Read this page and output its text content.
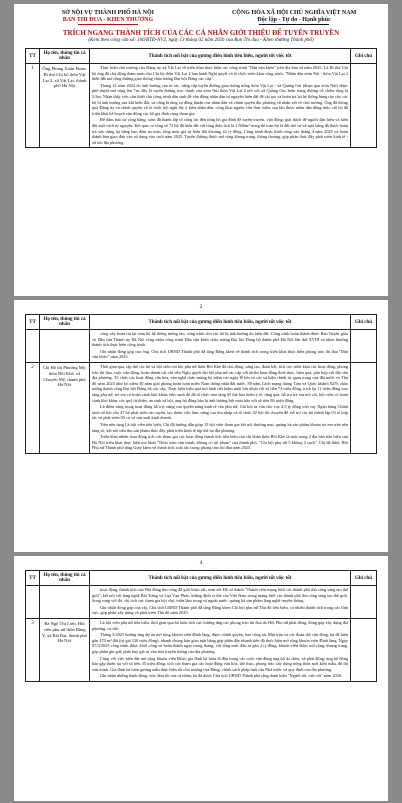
SỞ NỘI VỤ THÀNH PHỐ HÀ NỘI
BAN THI ĐUA - KHEN THƯỞNG
CỘNG HÒA XÃ HỘI CHỦ NGHĨA VIỆT NAM
Độc lập - Tự do - Hạnh phúc
TRÍCH NGANG THÀNH TÍCH CỦA CÁC CÁ NHÂN GIỚI THIỆU ĐỂ TUYÊN TRUYỀN
(Kèm theo công văn số: 106/BTĐ-NV2, ngày 13 tháng 02 năm 2026 của Ban Thi đua - Khen thưởng Thành phố)
TT	Họ tên, thông tin cá nhân	Thành tích nổi bật của gương điển hình tiêu biểu, người tốt việc tốt	Ghi chú
1	Ông Phùng Xuân Hoan, Bí thư Chi bộ thôn Vật Lại 2, xã Vật Lại, thành phố Hà Nội	Thực hiện chủ trương của Đảng ủy xã Vật Lại về triển khai thực hiện các công trình "Dân vận khéo" trên địa bàn xã năm 2025. Là Bí thư Chi bộ ông đã chủ động tham mưu cho Chi bộ thôn Vật Lại 2 ban hành Nghị quyết và tổ chức triển khai công trình: "Nhân dân xóm Núi - thôn Vật Lại 2 hiến đất mở rộng đường giao thông chào mừng Đại hội Đảng các cấp".
Tháng 12 năm 2024 do ảnh hưởng của ác tác, nâng cấp tuyến đường giao thông nông thôn Vật Lại - xã Quảng Oai (đoạn qua xóm Núi) được phê duyệt mở rộng lên 7m, đây là tuyến đường trục chính của xóm Núi thôn Vật Lại 2 nối với xã Quảng Oai, hiện trạng đường cũ chiều rộng là 3,5m. Nhận thấy việc cần thiết cho công trình dân sinh để vận động nhân dân tự nguyện hiến đất để cải tạo và hoàn trả lại hệ thống hàng rào cho các hộ bị ảnh hưởng sau khi hiến đất, và cũng là tăng sự đồng thuận của nhân dân và chính quyền địa phương về nhận xét về chủ trương, Ông đã thông qua Đảng ủy và chính quyền xã tổ chức hội nghị lấy ý kiến nhân dân, công khai nguồn vốn thực hiện, sau khi được nhân dân đồng tình, chi bộ đã triển khai kế hoạch vận động các hộ gia đình cùng tham gia.
Để đảm bảo sự công bằng, xóm đã thành lập tổ công tác đến từng hộ gia đình để tuyên truyền, vận động; giải thích để người dân hiểu và hiến đất một cách tự nguyện. Kết quả: có tổng số 72 hộ đã hiến đất với tổng diện tích là 1.600m² trong đó toàn bộ là đất thổ cư và một hàng đã được hoàn trả xây dựng lại bằng bảo đảm an toàn, tổng mức giá trị hiến đất khoảng 42 tỷ đồng. Công trình được khởi công vào tháng 4 năm 2025 và hoàn thành bàn giao đưa vào sử dụng vào cuối năm 2025. Tuyến đường được mở rộng khang trang, thông thoáng, góp phần thúc đẩy phát triển kinh tế - xã hội địa phương.	

2
TT	Họ tên, thông tin cá nhân	Thành tích nổi bật của gương điển hình tiêu biểu, người tốt việc tốt	Ghi chú

		công xây hoàn trả lại toàn bộ hệ thống tường rào, công trình cho các hộ bị ảnh hưởng do hiến đất. Công trình hoàn thành được Ban Tuyên giáo và Dân vận Thành ủy Hà Nội công nhận công trình Dân vận khéo chào mừng Đại hội Đảng bộ thành phố Hà Nội lần thứ XVIII và khen thưởng thành tích thực hiện công trình.
Ghi nhận đóng góp của ông, Chủ tịch UBND Thành phố đã tặng Bằng khen về thành tích trong triển khai thực hiện phong trào thi đua "Dân vận khéo" năm 2025.	

2	Chị Hồ thị Phương Mỹ, thôn Bồi Khê, xã Chuyên Mỹ, thành phố Hà Nội	Thời gian qua, tập thể các hộ và hội viên chi hội phụ nữ thôn Bồi Khê đã chủ động, sáng tạo, đoàn kết, tích cực triển khai các hoạt động, phong trào thi đua, cuộc vận động, hoàn thành các chỉ tiêu Nghị quyết đại hội phụ nữ các cấp với nhiều hoạt động thiết thực, hiệu quả, phù hợp với đặc thù địa phương. Tổ chức các hoạt động văn hóa, văn nghệ chào mừng kỷ niệm các ngày lễ lớn và các sự kiện chính trị quan trọng của đất nước và Thủ đô năm 2025 như kỷ niệm 50 năm giải phóng hoàn toàn miền Nam thống nhất đất nước, 80 năm Cách mạng tháng Tám và Quốc khánh 02/9; chào mừng thành công Đại hội Đảng bộ các cấp. Thực hiện hiệu quả mô hình tiết kiệm nuôi lợn nhựa với số tiền 73 triệu đồng, trích lại 11 triệu đồng trao tặng phụ nữ, trẻ em có hoàn cảnh khó khăn; bên cạnh đó đã tổ chức trao tặng 05 thẻ bảo hiểm y tế, tặng quà, hỗ trợ trẻ em mồ côi, hội viên có hoàn cảnh khó khăn, các quỹ từ thiện, an sinh xã hội, ủng hộ đồng bào bị ảnh hưởng bởi mưa bão với số tiền 86 triệu đồng.
Là điểm sáng trong hoạt động hỗ trợ, nâng cao quyền năng kinh tế cho phụ nữ. Chi hội tư vấn cho vay 4,5 tỷ đồng vốn vay Ngân hàng Chính sách xã hội cho 47 hộ phát triển các tuyến, tạo thêm việc làm, nâng cao thu nhập và tổ chức 02 hội thi chuyên đề, hỗ trợ các hộ thành lập 03 tổ hợp tác và phát triển 03 cơ sở sản xuất kinh doanh.
Trên nền tảng Là hội viên tiêu biểu, Chị đã hướng dẫn giúp 15 hội viên tham gia kết nối thương mại, quảng bá sản phẩm khoản trẻ em trên nền tảng số, kết nối tiêu thụ sản phẩm thúc đẩy phát triển kinh tế tập thể tại địa phương.
Triển khai nhiều hoạt động tích cực tham gia các hoạt động thành tích tiêu biểu của chi đoàn thôn Bồi Khê là một trong 2 địa bàn tiêu biểu của Hà Nội triển khai thực hiện mô hình "Thôn xóm văn minh, không có tội phạm" của thành phố, "Chi hội phụ nữ 5 không 3 sạch". Chị đã được Hội Phụ nữ Thành phố tặng Giấy khen về thành tích xuất sắc trong phong trào thi đua năm 2025.	

4
TT	Họ tên, thông tin cá nhân	Thành tích nổi bật của gương điển hình tiêu biểu, người tốt việc tốt	Ghi chú

		hoạt động, thành tích của Hội đồng thủ công đã giới khảo sát, xem xét Hồ sơ thành "Thành viên mạng lưới các thành phố thủ công sáng tạo thế giới", kết nối với làng nghề Bát Tràng và Lụa Vạn Phúc, khẳng định vị thế của Việt Nam trong mạng lưới các thành phố thủ công sáng tạo thế giới. Song song với đó, chị tích cực tham gia hội chợ, triển lãm trong và ngoài nước, quảng bá sản phẩm làng nghề truyền thống.
Ghi nhận đóng góp của chị, Chủ tịch UBND Thành phố đã tặng Bằng khen Chi hội phụ nữ Thủ đô tiêu biểu, có nhiều thành tích trong các lĩnh vực, góp phần xây dựng và phát triển Thủ đô năm 2025.	

3	Bà Ngô Thị Liên, Hội viên phụ nữ thôn Bằng Y, xã Bát Bạt, thành phố Hà Nội	Là hội viên phụ nữ tiêu biểu, thời gian qua bà luôn tích cực hưởng ứng các phong trào thi đua do Hội Phụ nữ phát động, đóng góp xây dựng địa phương, cụ thể:
Tháng 3/2025 hưởng ứng dự án mở rộng khuôn viên Đình làng, được chính quyền, bao công tác Mặt trận và các đoàn thể vận động, bà đã hiến gần 470 m² đất (trị giá 120 triệu đồng), nhanh chóng bàn giao mặt bằng góp phần đẩy nhanh tiến độ thực hiện mở rộng khuôn viên Đình làng. Ngày 07/3/2025 công trình được khởi công và hoàn thành ngay trong tháng, với tổng mức đầu tư gần 2 tỷ đồng, khuôn viên được mở rộng, khang trang, góp phần gìn giữ, phát huy giá trị văn hóa truyền thống của địa phương.
Cùng với việc hiến đất mở rộng khuôn viên Đình, gia đình bà luôn đi đầu trong các cuộc vận động ủng hộ do thôn, xã phát động: ủng hộ đồng bào gặp thiên tai với số tiền 35 triệu đồng; tích cực tham gia các hoạt động văn hóa, thể thao, phong trào xây dựng nông thôn mới kiểu mẫu, đô thị văn minh. Gia đình bà luôn gương mẫu thực hiện tốt chủ trương của Đảng, chính sách pháp luật của Nhà nước và quy định của địa phương.
Ghi nhận những hành động, việc làm tốt của cá nhân, bà đã được Chủ tịch UBND Thành phố tặng danh hiệu "Người tốt, việc tốt" năm 2026.	
